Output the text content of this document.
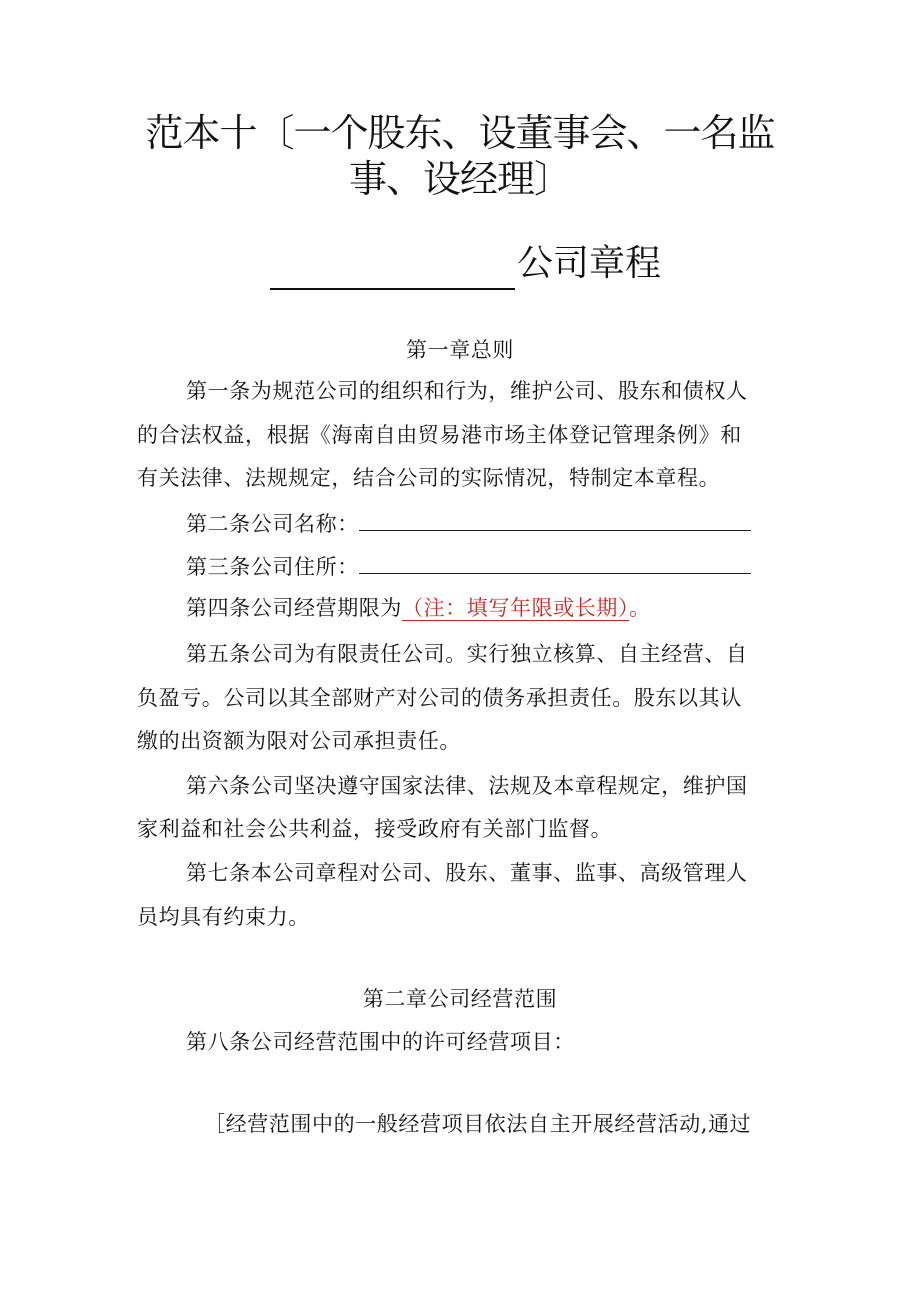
范本十〔一个股东、设董事会、一名监
事、设经理〕
公司章程
第一章总则
第一条为规范公司的组织和行为，维护公司、股东和债权人
的合法权益，根据《海南自由贸易港市场主体登记管理条例》和
有关法律、法规规定，结合公司的实际情况，特制定本章程。
第二条公司名称：
第三条公司住所：
第四条公司经营期限为（注：填写年限或长期）。
第五条公司为有限责任公司。实行独立核算、自主经营、自
负盈亏。公司以其全部财产对公司的债务承担责任。股东以其认
缴的出资额为限对公司承担责任。
第六条公司坚决遵守国家法律、法规及本章程规定，维护国
家利益和社会公共利益，接受政府有关部门监督。
第七条本公司章程对公司、股东、董事、监事、高级管理人
员均具有约束力。
第二章公司经营范围
第八条公司经营范围中的许可经营项目：
［经营范围中的一般经营项目依法自主开展经营活动,通过
